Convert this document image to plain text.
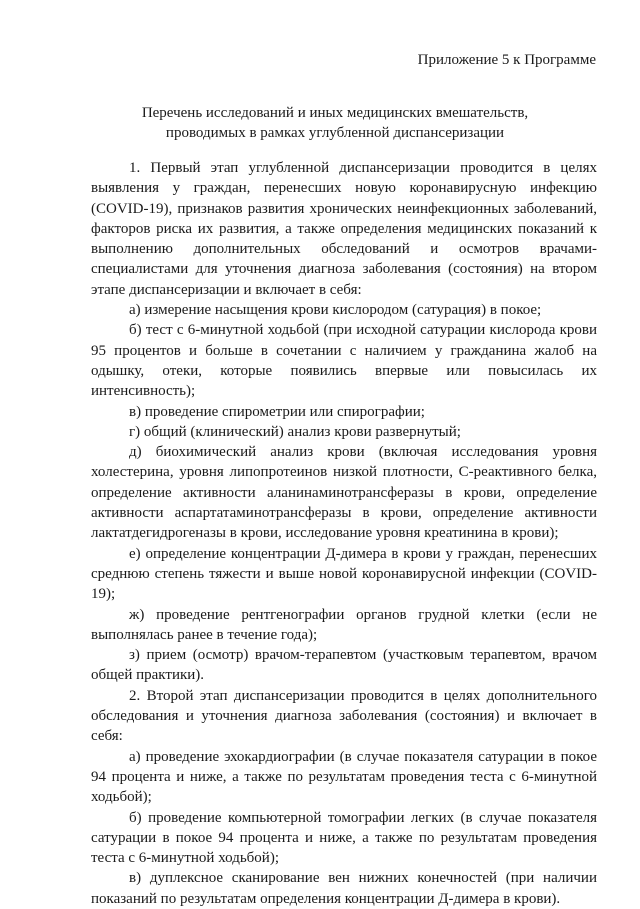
Приложение 5 к Программе
Перечень исследований и иных медицинских вмешательств,
проводимых в рамках углубленной диспансеризации

1. Первый этап углубленной диспансеризации проводится в целях выявления у граждан, перенесших новую коронавирусную инфекцию (COVID-19), признаков развития хронических неинфекционных заболеваний, факторов риска их развития, а также определения медицинских показаний к выполнению дополнительных обследований и осмотров врачами-специалистами для уточнения диагноза заболевания (состояния) на втором этапе диспансеризации и включает в себя:

а) измерение насыщения крови кислородом (сатурация) в покое;

б) тест с 6-минутной ходьбой (при исходной сатурации кислорода крови 95 процентов и больше в сочетании с наличием у гражданина жалоб на одышку, отеки, которые появились впервые или повысилась их интенсивность);

в) проведение спирометрии или спирографии;

г) общий (клинический) анализ крови развернутый;

д) биохимический анализ крови (включая исследования уровня холестерина, уровня липопротеинов низкой плотности, С-реактивного белка, определение активности аланинаминотрансферазы в крови, определение активности аспартатаминотрансферазы в крови, определение активности лактатдегидрогеназы в крови, исследование уровня креатинина в крови);

е) определение концентрации Д-димера в крови у граждан, перенесших среднюю степень тяжести и выше новой коронавирусной инфекции (COVID-19);

ж) проведение рентгенографии органов грудной клетки (если не выполнялась ранее в течение года);

з) прием (осмотр) врачом-терапевтом (участковым терапевтом, врачом общей практики).

2. Второй этап диспансеризации проводится в целях дополнительного обследования и уточнения диагноза заболевания (состояния) и включает в себя:

а) проведение эхокардиографии (в случае показателя сатурации в покое 94 процента и ниже, а также по результатам проведения теста с 6-минутной ходьбой);

б) проведение компьютерной томографии легких (в случае показателя сатурации в покое 94 процента и ниже, а также по результатам проведения теста с 6-минутной ходьбой);

в) дуплексное сканирование вен нижних конечностей (при наличии показаний по результатам определения концентрации Д-димера в крови).
